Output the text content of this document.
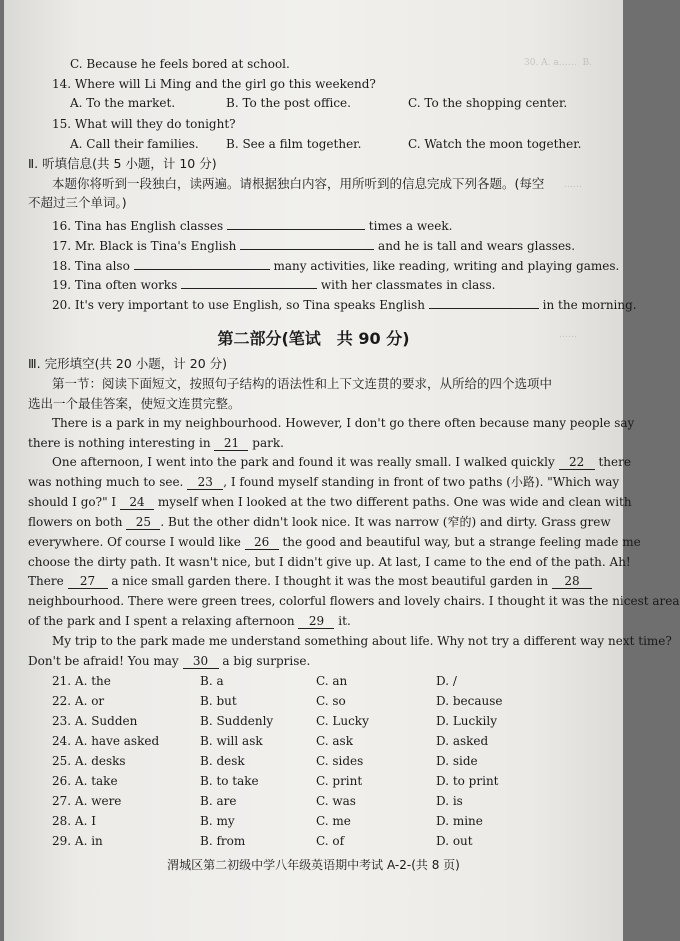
30. A. a……  B.
……
……
C. Because he feels bored at school.
14. Where will Li Ming and the girl go this weekend?
A. To the market.	B. To the post office.	C. To the shopping center.
15. What will they do tonight?
A. Call their families. B. See a film together.	C. Watch the moon together.
Ⅱ. 听填信息(共 5 小题，计 10 分)
本题你将听到一段独白，读两遍。请根据独白内容，用所听到的信息完成下列各题。(每空
不超过三个单词。)
16. Tina has English classes	times a week.
17. Mr. Black is Tina's English	and he is tall and wears glasses.
18. Tina also	many activities, like reading, writing and playing games.
19. Tina often works	with her classmates in class.
20. It's very important to use English, so Tina speaks English	in the morning.
第二部分(笔试　共 90 分)
Ⅲ. 完形填空(共 20 小题，计 20 分)
第一节：阅读下面短文，按照句子结构的语法性和上下文连贯的要求，从所给的四个选项中
选出一个最佳答案，使短文连贯完整。
There is a park in my neighbourhood. However, I don't go there often because many people say
there is nothing interesting in 21 park.
One afternoon, I went into the park and found it was really small. I walked quickly 22 there
was nothing much to see. 23 , I found myself standing in front of two paths (小路). "Which way
should I go?" I 24 myself when I looked at the two different paths. One was wide and clean with
flowers on both 25 . But the other didn't look nice. It was narrow (窄的) and dirty. Grass grew
everywhere. Of course I would like 26 the good and beautiful way, but a strange feeling made me
choose the dirty path. It wasn't nice, but I didn't give up. At last, I came to the end of the path. Ah!
There 27 a nice small garden there. I thought it was the most beautiful garden in 28
neighbourhood. There were green trees, colorful flowers and lovely chairs. I thought it was the nicest area
of the park and I spent a relaxing afternoon 29 it.
My trip to the park made me understand something about life. Why not try a different way next time?
Don't be afraid! You may 30 a big surprise.
21. A. the	B. a	C. an	D. /
22. A. or	B. but	C. so	D. because
23. A. Sudden	B. Suddenly	C. Lucky	D. Luckily
24. A. have asked	B. will ask	C. ask	D. asked
25. A. desks	B. desk	C. sides	D. side
26. A. take	B. to take	C. print	D. to print
27. A. were	B. are	C. was	D. is
28. A. I	B. my	C. me	D. mine
29. A. in	B. from	C. of	D. out
渭城区第二初级中学八年级英语期中考试 A-2-(共 8 页)
